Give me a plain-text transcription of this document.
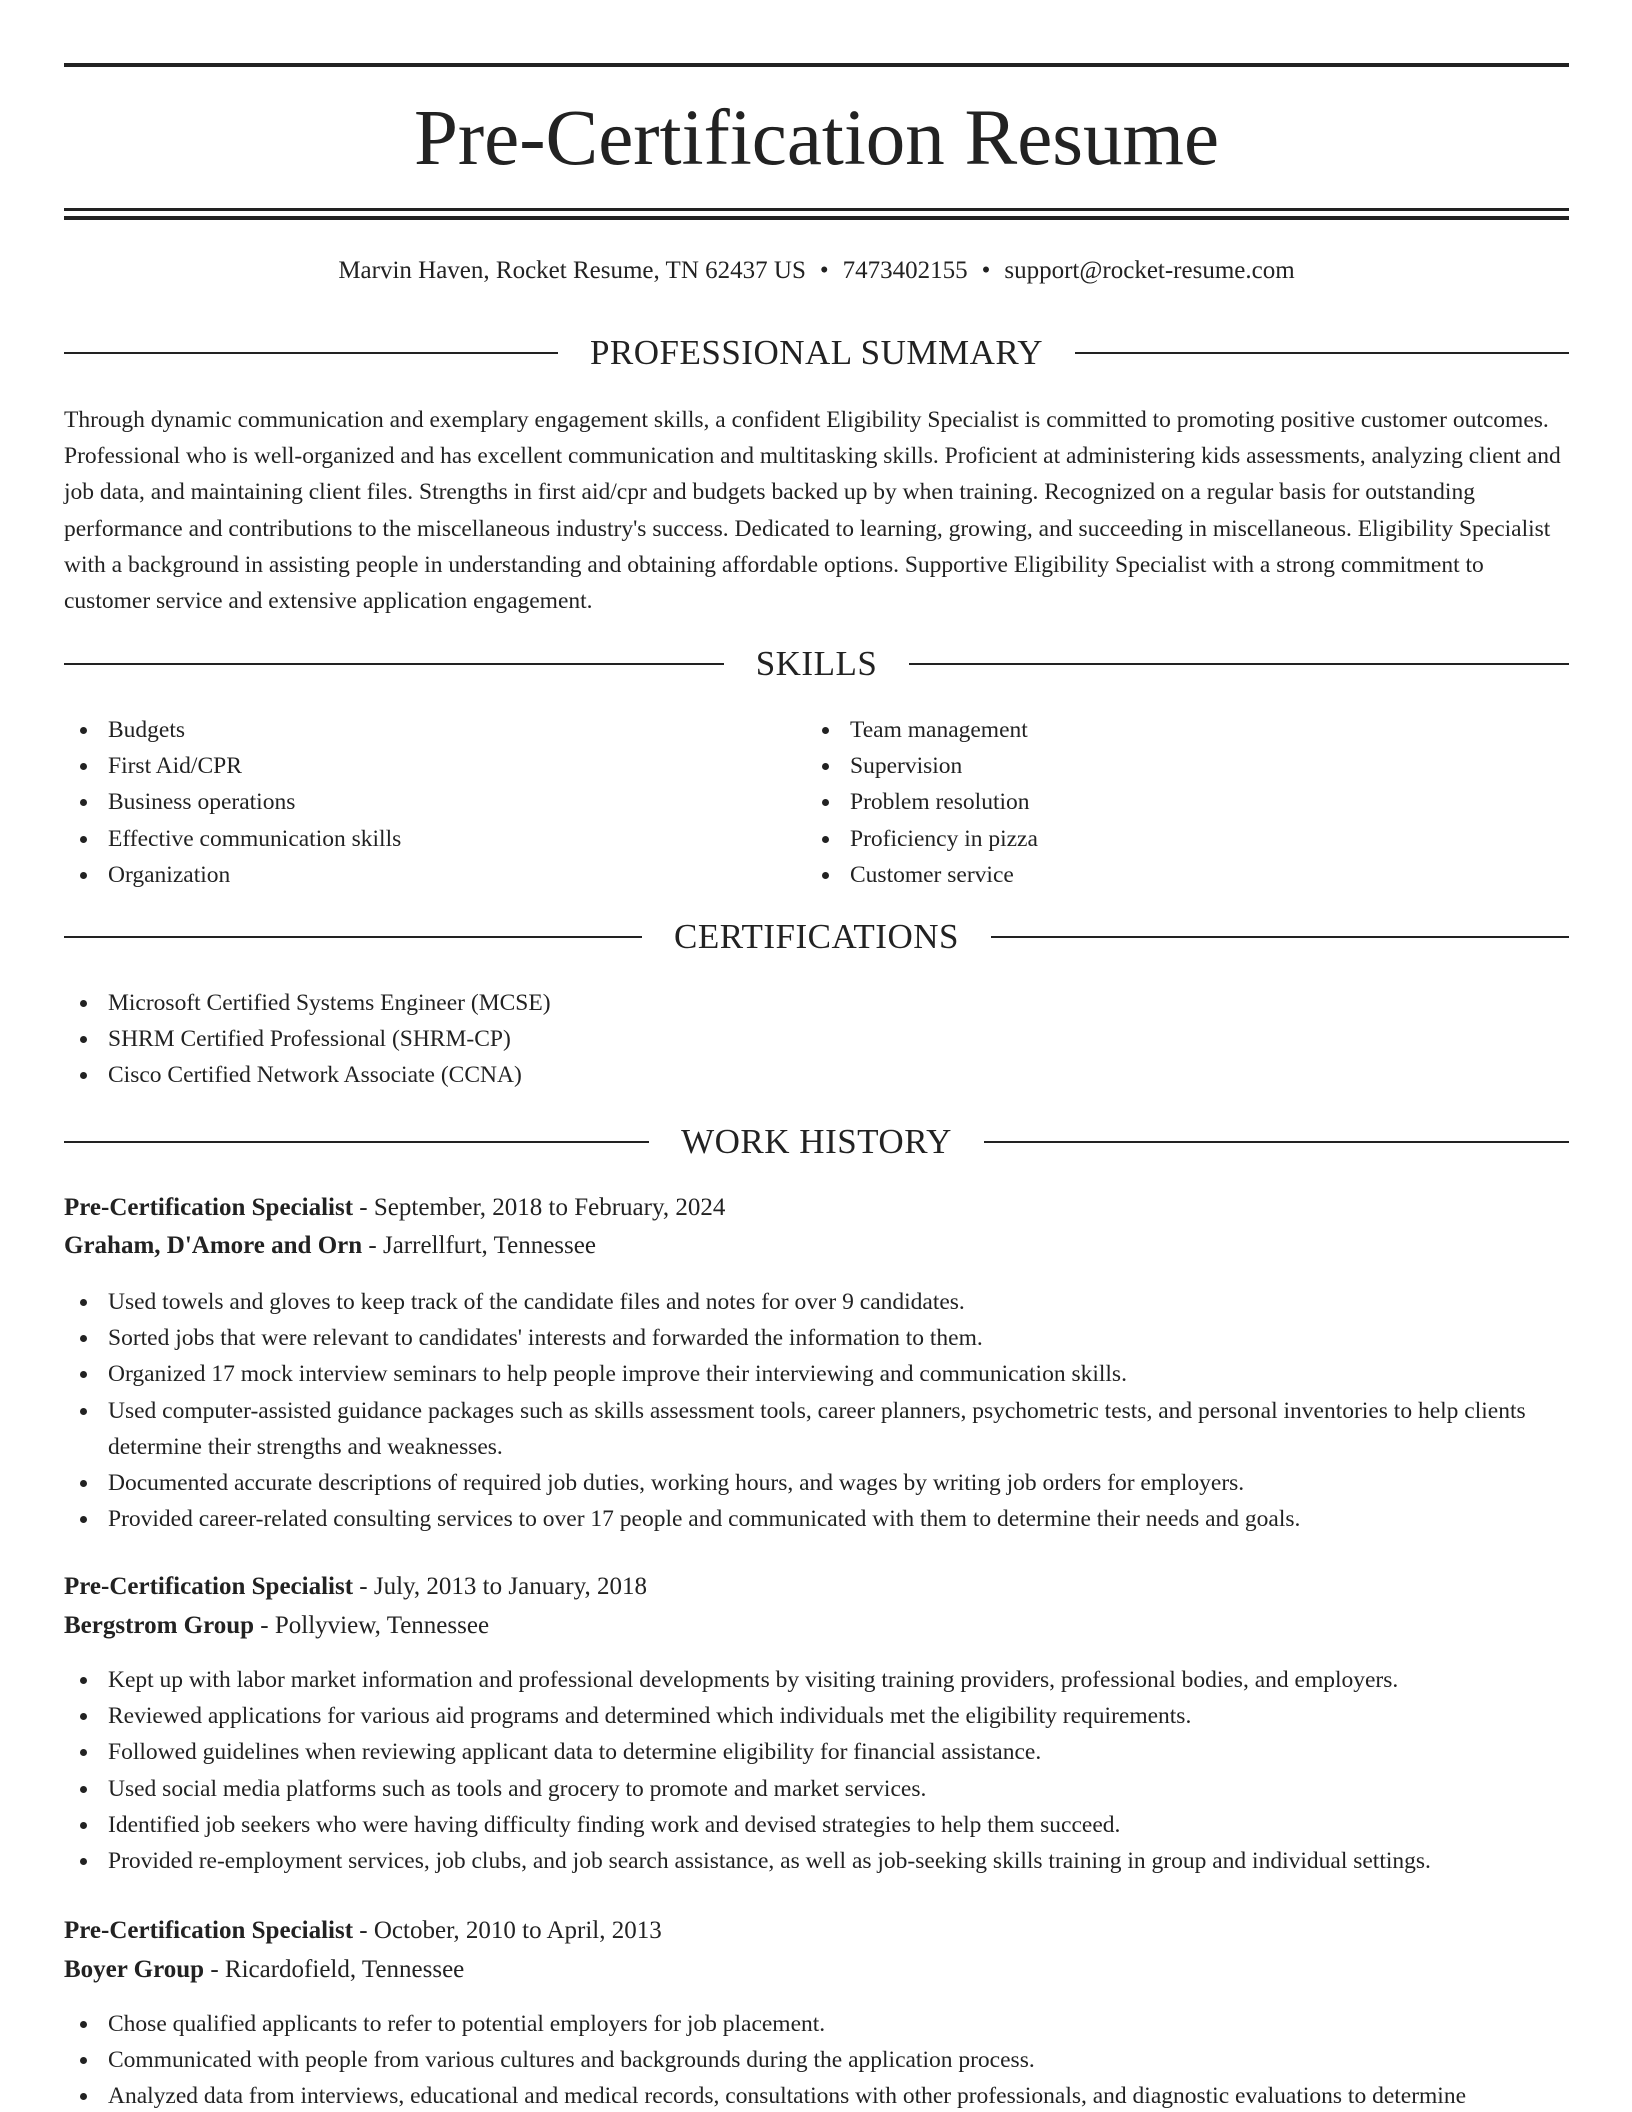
Pre-Certification Resume
Marvin Haven, Rocket Resume, TN 62437 US • 7473402155 • support@rocket-resume.com
PROFESSIONAL SUMMARY
Through dynamic communication and exemplary engagement skills, a confident Eligibility Specialist is committed to promoting positive customer outcomes. Professional who is well-organized and has excellent communication and multitasking skills. Proficient at administering kids assessments, analyzing client and job data, and maintaining client files. Strengths in first aid/cpr and budgets backed up by when training. Recognized on a regular basis for outstanding performance and contributions to the miscellaneous industry's success. Dedicated to learning, growing, and succeeding in miscellaneous. Eligibility Specialist with a background in assisting people in understanding and obtaining affordable options. Supportive Eligibility Specialist with a strong commitment to customer service and extensive application engagement.
SKILLS
Budgets
First Aid/CPR
Business operations
Effective communication skills
Organization
Team management
Supervision
Problem resolution
Proficiency in pizza
Customer service
CERTIFICATIONS
Microsoft Certified Systems Engineer (MCSE)
SHRM Certified Professional (SHRM-CP)
Cisco Certified Network Associate (CCNA)
WORK HISTORY
Pre-Certification Specialist - September, 2018 to February, 2024
Graham, D'Amore and Orn - Jarrellfurt, Tennessee
Used towels and gloves to keep track of the candidate files and notes for over 9 candidates.
Sorted jobs that were relevant to candidates' interests and forwarded the information to them.
Organized 17 mock interview seminars to help people improve their interviewing and communication skills.
Used computer-assisted guidance packages such as skills assessment tools, career planners, psychometric tests, and personal inventories to help clients determine their strengths and weaknesses.
Documented accurate descriptions of required job duties, working hours, and wages by writing job orders for employers.
Provided career-related consulting services to over 17 people and communicated with them to determine their needs and goals.
Pre-Certification Specialist - July, 2013 to January, 2018
Bergstrom Group - Pollyview, Tennessee
Kept up with labor market information and professional developments by visiting training providers, professional bodies, and employers.
Reviewed applications for various aid programs and determined which individuals met the eligibility requirements.
Followed guidelines when reviewing applicant data to determine eligibility for financial assistance.
Used social media platforms such as tools and grocery to promote and market services.
Identified job seekers who were having difficulty finding work and devised strategies to help them succeed.
Provided re-employment services, job clubs, and job search assistance, as well as job-seeking skills training in group and individual settings.
Pre-Certification Specialist - October, 2010 to April, 2013
Boyer Group - Ricardofield, Tennessee
Chose qualified applicants to refer to potential employers for job placement.
Communicated with people from various cultures and backgrounds during the application process.
Analyzed data from interviews, educational and medical records, consultations with other professionals, and diagnostic evaluations to determine
